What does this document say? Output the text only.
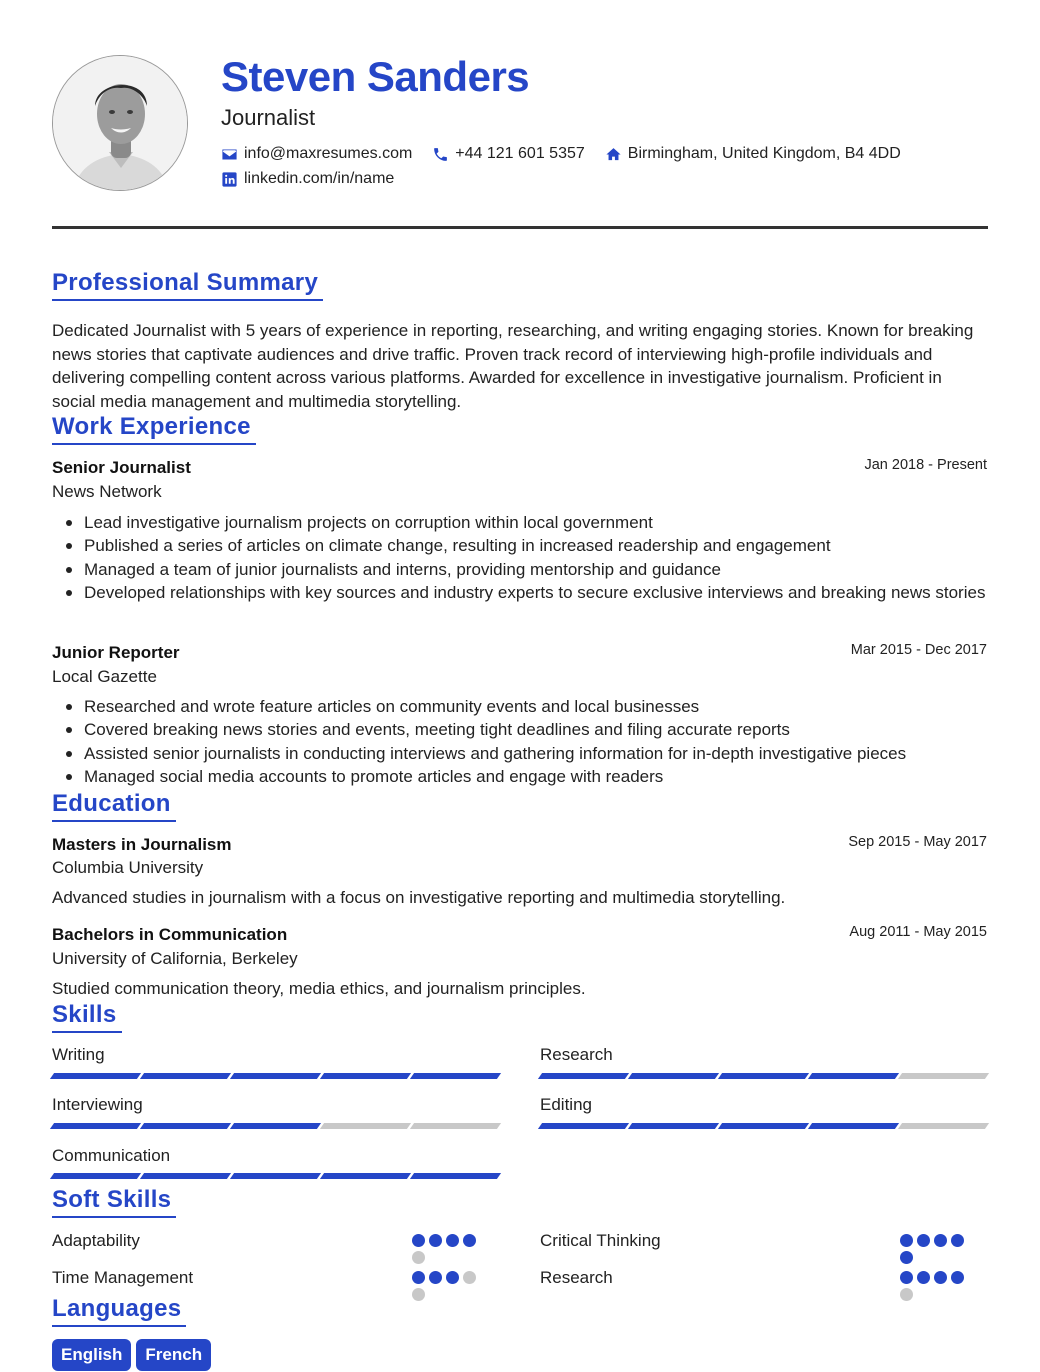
Steven Sanders
Journalist
info@maxresumes.com	+44 121 601 5357	Birmingham, United Kingdom, B4 4DD
linkedin.com/in/name
Professional Summary
Dedicated Journalist with 5 years of experience in reporting, researching, and writing engaging stories. Known for breaking news stories that captivate audiences and drive traffic. Proven track record of interviewing high-profile individuals and delivering compelling content across various platforms. Awarded for excellence in investigative journalism. Proficient in social media management and multimedia storytelling.
Work Experience
Senior Journalist	Jan 2018 - Present
News Network
Lead investigative journalism projects on corruption within local government
Published a series of articles on climate change, resulting in increased readership and engagement
Managed a team of junior journalists and interns, providing mentorship and guidance
Developed relationships with key sources and industry experts to secure exclusive interviews and breaking news stories
Junior Reporter	Mar 2015 - Dec 2017
Local Gazette
Researched and wrote feature articles on community events and local businesses
Covered breaking news stories and events, meeting tight deadlines and filing accurate reports
Assisted senior journalists in conducting interviews and gathering information for in-depth investigative pieces
Managed social media accounts to promote articles and engage with readers
Education
Masters in Journalism	Sep 2015 - May 2017
Columbia University
Advanced studies in journalism with a focus on investigative reporting and multimedia storytelling.
Bachelors in Communication	Aug 2011 - May 2015
University of California, Berkeley
Studied communication theory, media ethics, and journalism principles.
Skills
Writing	Research
Interviewing	Editing
Communication
Soft Skills
Adaptability	Critical Thinking
Time Management	Research
Languages
English	French
